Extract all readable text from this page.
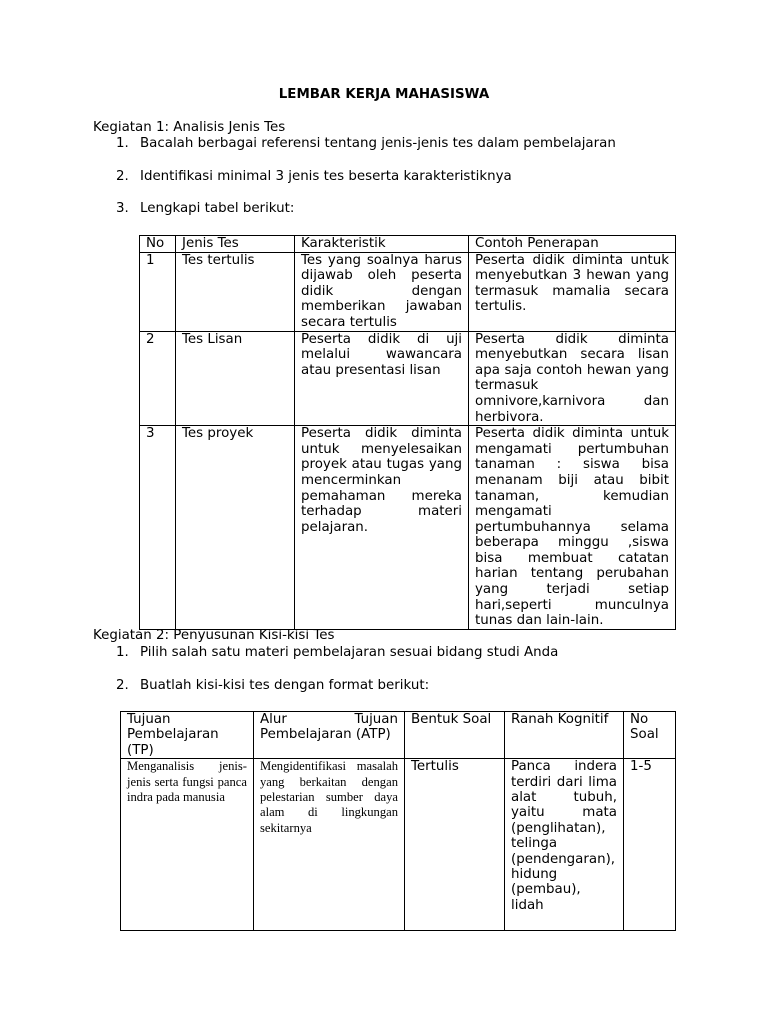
LEMBAR KERJA MAHASISWA
Kegiatan 1: Analisis Jenis Tes
1. Bacalah berbagai referensi tentang jenis-jenis tes dalam pembelajaran
2. Identifikasi minimal 3 jenis tes beserta karakteristiknya
3. Lengkapi tabel berikut:
No	Jenis Tes	Karakteristik	Contoh Penerapan
1	Tes tertulis	Tes yang soalnya harus dijawab oleh peserta didik dengan memberikan jawaban secara tertulis	Peserta didik diminta untuk menyebutkan 3 hewan yang termasuk mamalia secara tertulis.
2	Tes Lisan	Peserta didik di uji melalui wawancara atau presentasi lisan	Peserta didik diminta menyebutkan secara lisan apa saja contoh hewan yang termasuk omnivore,karnivora dan herbivora.
3	Tes proyek	Peserta didik diminta untuk menyelesaikan proyek atau tugas yang mencerminkan pemahaman mereka terhadap materi pelajaran.	Peserta didik diminta untuk mengamati pertumbuhan tanaman : siswa bisa menanam biji atau bibit tanaman, kemudian mengamati pertumbuhannya selama beberapa minggu ,siswa bisa membuat catatan harian tentang perubahan yang terjadi setiap hari,seperti munculnya tunas dan lain-lain.
Kegiatan 2: Penyusunan Kisi-kisi Tes
1. Pilih salah satu materi pembelajaran sesuai bidang studi Anda
2. Buatlah kisi-kisi tes dengan format berikut:
Tujuan Pembelajaran (TP)	Alur Tujuan Pembelajaran (ATP)	Bentuk Soal	Ranah Kognitif	No Soal
Menganalisis jenis-jenis serta fungsi panca indra pada manusia	Mengidentifikasi masalah yang berkaitan dengan pelestarian sumber daya alam di lingkungan sekitarnya	Tertulis	Panca indera terdiri dari lima alat tubuh, yaitu mata (penglihatan), telinga (pendengaran), hidung (pembau), lidah	1-5
